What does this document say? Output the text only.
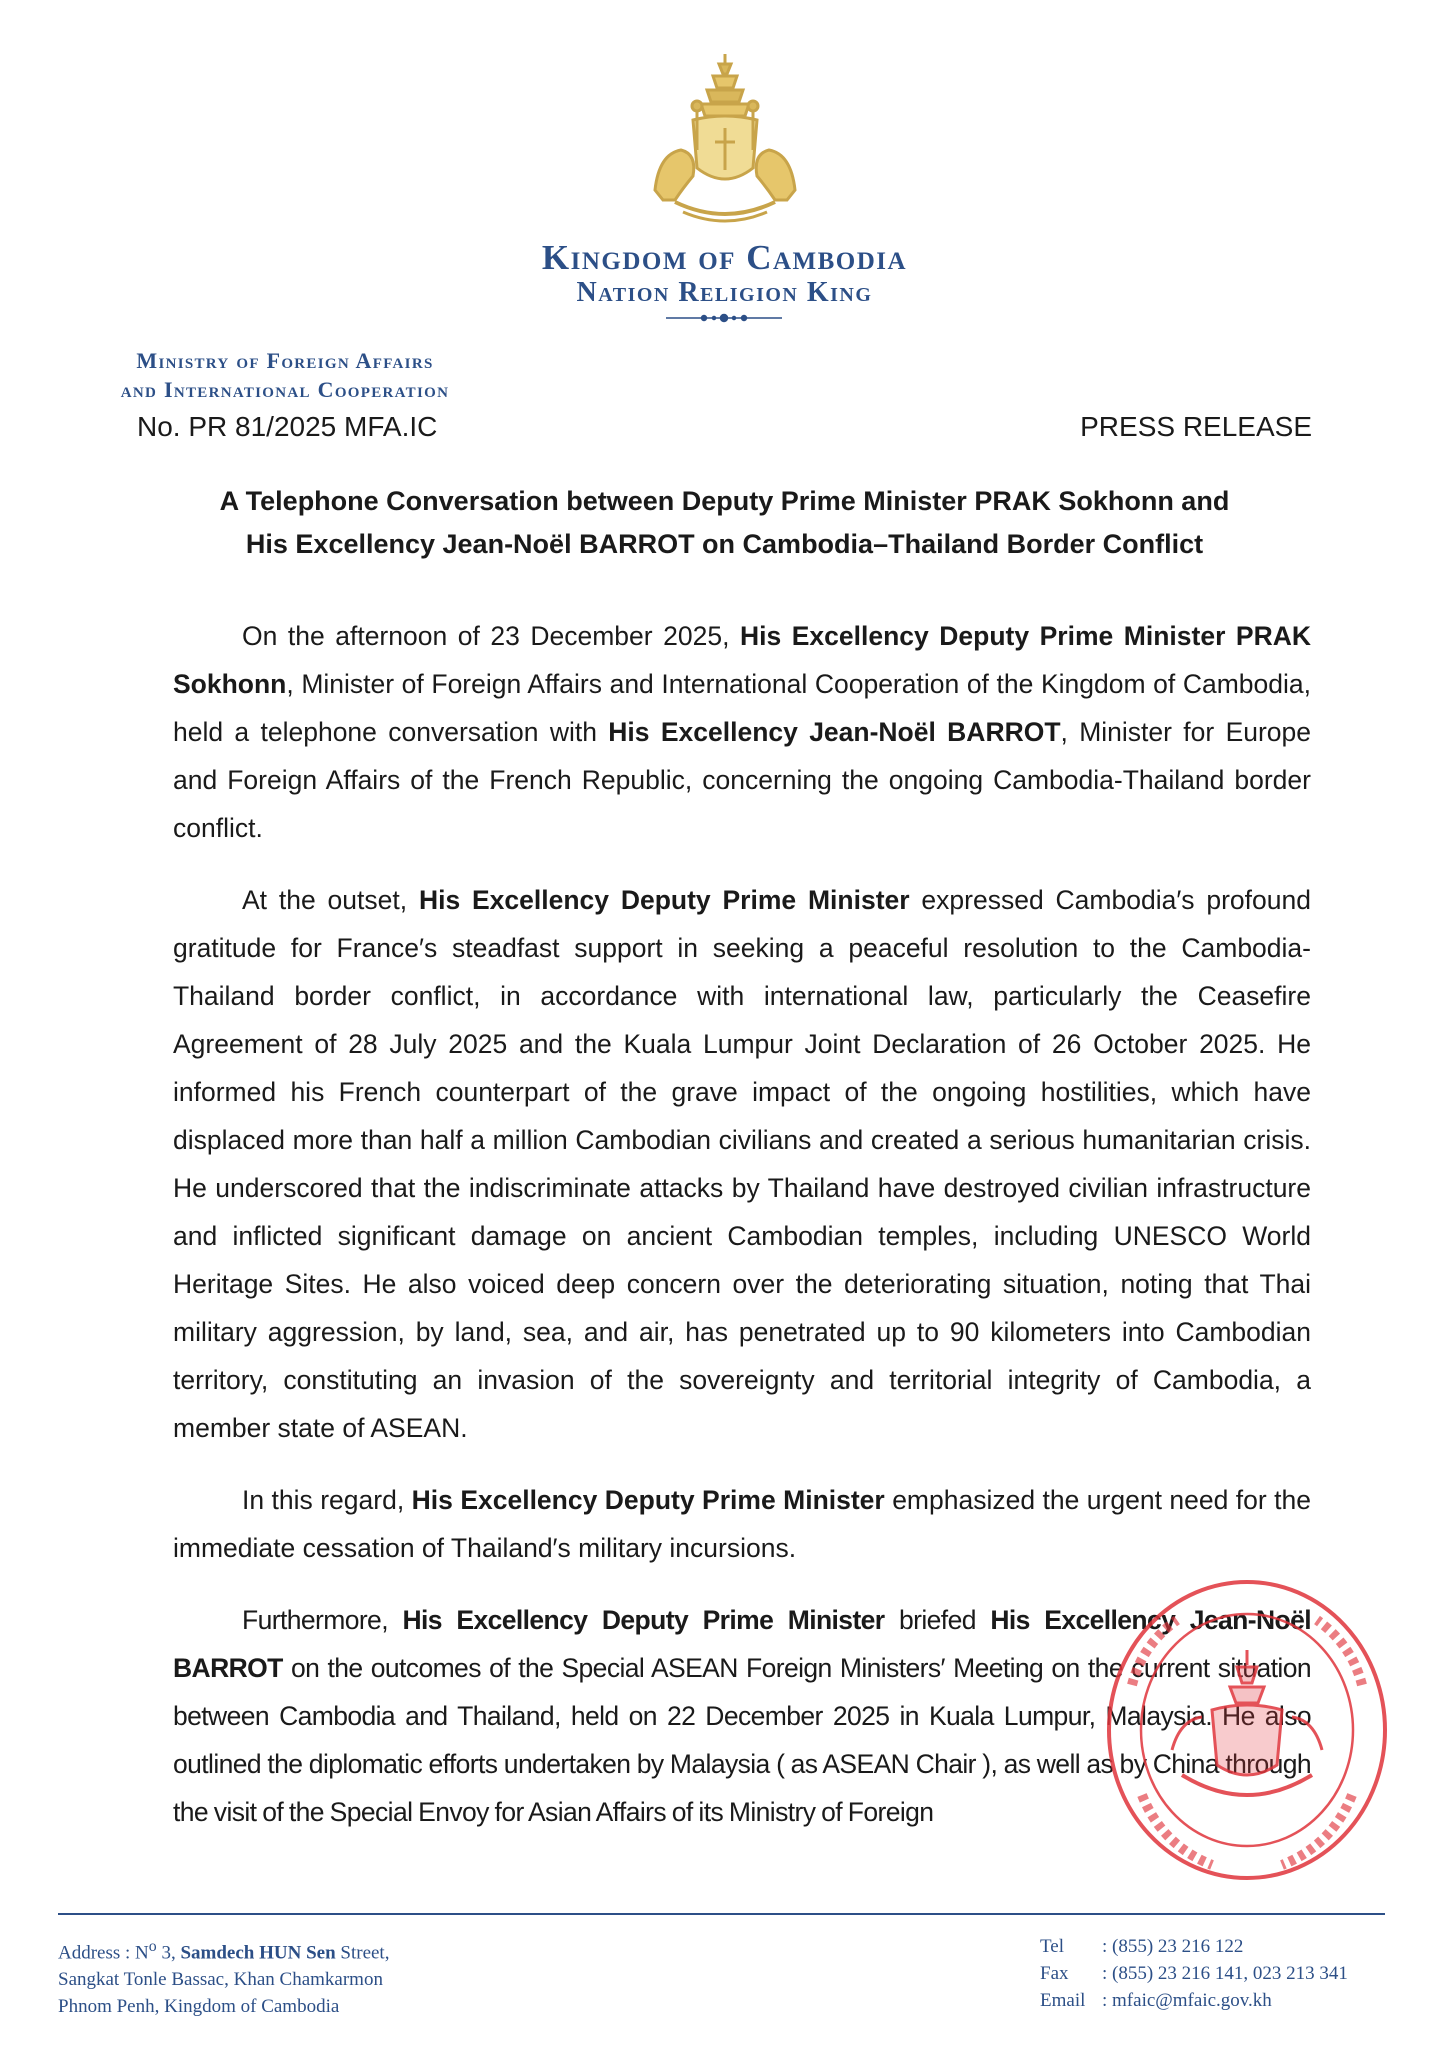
Kingdom of Cambodia
Nation Religion King
Ministry of Foreign Affairs
and International Cooperation
No. PR 81/2025 MFA.IC	PRESS RELEASE
A Telephone Conversation between Deputy Prime Minister PRAK Sokhonn and
His Excellency Jean-Noël BARROT on Cambodia–Thailand Border Conflict

On the afternoon of 23 December 2025, His Excellency Deputy Prime Minister PRAK Sokhonn, Minister of Foreign Affairs and International Cooperation of the Kingdom of Cambodia, held a telephone conversation with His Excellency Jean-Noël BARROT, Minister for Europe and Foreign Affairs of the French Republic, concerning the ongoing Cambodia-Thailand border conflict.

At the outset, His Excellency Deputy Prime Minister expressed Cambodia′s profound gratitude for France′s steadfast support in seeking a peaceful resolution to the Cambodia-Thailand border conflict, in accordance with international law, particularly the Ceasefire Agreement of 28 July 2025 and the Kuala Lumpur Joint Declaration of 26 October 2025. He informed his French counterpart of the grave impact of the ongoing hostilities, which have displaced more than half a million Cambodian civilians and created a serious humanitarian crisis. He underscored that the indiscriminate attacks by Thailand have destroyed civilian infrastructure and inflicted significant damage on ancient Cambodian temples, including UNESCO World Heritage Sites. He also voiced deep concern over the deteriorating situation, noting that Thai military aggression, by land, sea, and air, has penetrated up to 90 kilometers into Cambodian territory, constituting an invasion of the sovereignty and territorial integrity of Cambodia, a member state of ASEAN.

In this regard, His Excellency Deputy Prime Minister emphasized the urgent need for the immediate cessation of Thailand′s military incursions.

Furthermore, His Excellency Deputy Prime Minister briefed His Excellency Jean-Noël BARROT on the outcomes of the Special ASEAN Foreign Ministers′ Meeting on the current situation between Cambodia and Thailand, held on 22 December 2025 in Kuala Lumpur, Malaysia. He also outlined the diplomatic efforts undertaken by Malaysia ( as ASEAN Chair ), as well as by China through the visit of the Special Envoy for Asian Affairs of its Ministry of Foreign

Address : $N^o$ 3, Samdech HUN Sen Street,
Sangkat Tonle Bassac, Khan Chamkarmon
Phnom Penh, Kingdom of Cambodia
Tel : (855) 23 216 122
Fax : (855) 23 216 141, 023 213 341
Email : mfaic@mfaic.gov.kh
